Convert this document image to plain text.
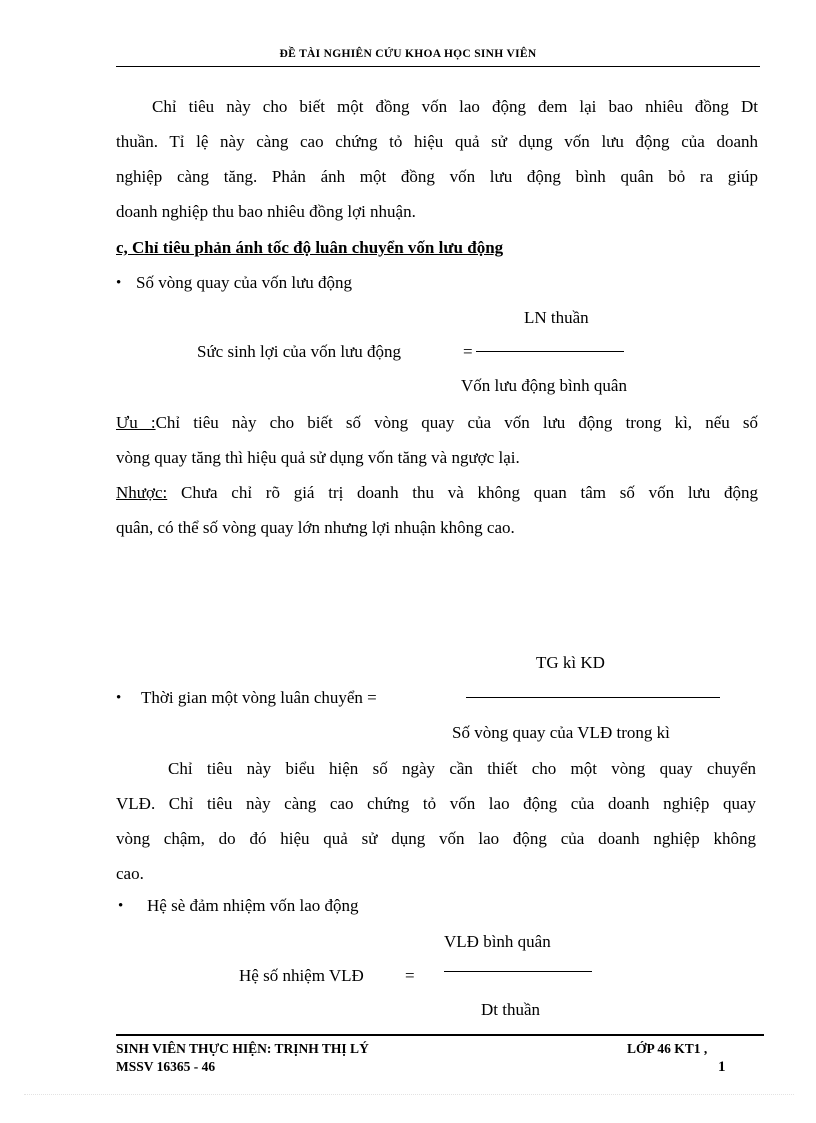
ĐỀ TÀI NGHIÊN CỨU KHOA HỌC SINH VIÊN
Chỉ tiêu này cho biết một đồng vốn lao động đem lại bao nhiêu đồng Dt
thuần. Tỉ lệ này càng cao chứng tỏ hiệu quả sử dụng vốn lưu động của doanh
nghiệp càng tăng. Phản ánh một đồng vốn lưu động bình quân bỏ ra giúp
doanh nghiệp thu bao nhiêu đồng lợi nhuận.
c, Chỉ tiêu phản ánh tốc độ luân chuyển vốn lưu động
• Số vòng quay của vốn lưu động
LN thuần
Sức sinh lợi của vốn lưu động	=
Vốn lưu động bình quân
Ưu :Chỉ tiêu này cho biết số vòng quay của vốn lưu động trong kì, nếu số
vòng quay tăng thì hiệu quả sử dụng vốn tăng và ngược lại.
Nhược: Chưa chỉ rõ giá trị doanh thu và không quan tâm số vốn lưu động
quân, có thể số vòng quay lớn nhưng lợi nhuận không cao.
TG kì KD
• Thời gian một vòng luân chuyển =
Số vòng quay của VLĐ trong kì
Chỉ tiêu này biểu hiện số ngày cần thiết cho một vòng quay chuyển
VLĐ. Chỉ tiêu này càng cao chứng tỏ vốn lao động của doanh nghiệp quay
vòng chậm, do đó hiệu quả sử dụng vốn lao động của doanh nghiệp không
cao.
• Hệ sè đảm nhiệm vốn lao động
VLĐ bình quân
Hệ số nhiệm VLĐ =
Dt thuần
SINH VIÊN THỰC HIỆN: TRỊNH THỊ LÝ
MSSV 16365 - 46
LỚP 46 KT1 ,
1
